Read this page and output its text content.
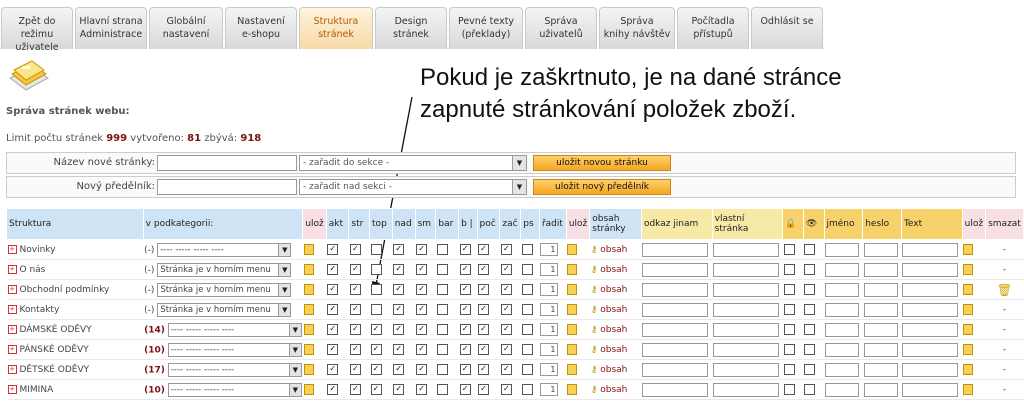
Zpět do režimu
uživatele
Hlavní strana
Administrace
Globální
nastavení
Nastavení
e-shopu
Struktura
stránek
Design
stránek
Pevné texty
(překlady)
Správa
uživatelů
Správa
knihy návštěv
Počítadla
přístupů
Odhlásit se

Správa stránek webu:
Pokud je zaškrtnuto, je na dané stránce
zapnuté stránkování položek zboží.
Limit počtu stránek 999 vytvořeno: 81 zbývá: 918
Název nové stránky:	- zařadit do sekce -	▼	uložit novou stránku
Nový předělník:	- zařadit nad sekci -	▼	uložit nový předělník
Struktura	v podkategorii:	ulož	akt	str	top	nad	sm	bar	b |	poč	zač	ps	řadit	ulož	obsah
stránky	odkaz jinam	vlastní
stránka	🔒	👁	jméno	heslo	Text	ulož	smazat
+ Novinky	(-) ---- ----- ----- ---- ▼		✓	✓		✓	✓		✓	✓	✓		1		⚷ obsah									-
+ O nás	(-) Stránka je v horním menu ▼		✓	✓		✓	✓		✓	✓	✓		1		⚷ obsah									-
+ Obchodní podmínky	(-) Stránka je v horním menu ▼		✓	✓		✓	✓		✓	✓	✓		1		⚷ obsah									🗑
+ Kontakty	(-) Stránka je v horním menu ▼		✓	✓		✓	✓		✓	✓	✓		1		⚷ obsah									-
+ DÁMSKÉ ODĚVY	(14) ---- ----- ----- ---- ▼		✓	✓	✓	✓	✓		✓	✓	✓		1		⚷ obsah									-
+ PÁNSKÉ ODĚVY	(10) ---- ----- ----- ---- ▼		✓	✓	✓	✓	✓		✓	✓	✓		1		⚷ obsah									-
+ DĚTSKÉ ODĚVY	(17) ---- ----- ----- ---- ▼		✓	✓	✓	✓	✓		✓	✓	✓		1		⚷ obsah									-
+ MIMINA	(10) ---- ----- ----- ---- ▼		✓	✓	✓	✓	✓		✓	✓	✓		1		⚷ obsah									-
